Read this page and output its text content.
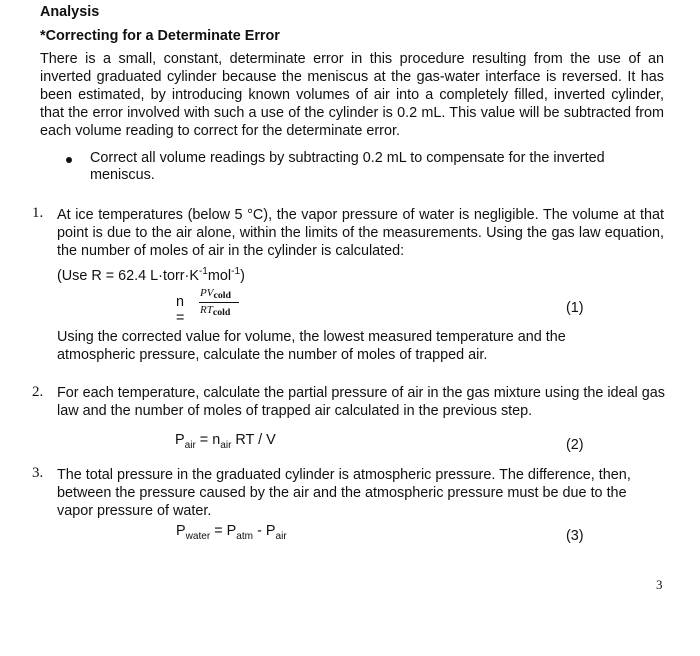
Analysis
*Correcting for a Determinate Error
There is a small, constant, determinate error in this procedure resulting from the use of an inverted graduated cylinder because the meniscus at the gas-water interface is reversed. It has been estimated, by introducing known volumes of air into a completely filled, inverted cylinder, that the error involved with such a use of the cylinder is 0.2 mL. This value will be subtracted from each volume reading to correct for the determinate error.
Correct all volume readings by subtracting 0.2 mL to compensate for the inverted meniscus.
1. At ice temperatures (below 5 °C), the vapor pressure of water is negligible. The volume at that point is due to the air alone, within the limits of the measurements. Using the gas law equation, the number of moles of air in the cylinder is calculated:
(Use R = 62.4 $L\cdot torr\cdot K^{-1}mol^{-1}$)
n =
$PV_{cold}$
$RT_{cold}$	(1)
Using the corrected value for volume, the lowest measured temperature and the atmospheric pressure, calculate the number of moles of trapped air.
2. For each temperature, calculate the partial pressure of air in the gas mixture using the ideal gas law and the number of moles of trapped air calculated in the previous step.
$P_{air} = n_{air}$ RT / V	(2)
3. The total pressure in the graduated cylinder is atmospheric pressure. The difference, then, between the pressure caused by the air and the atmospheric pressure must be due to the vapor pressure of water.
$P_{water} = P_{atm} - P_{air}$	(3)
3
